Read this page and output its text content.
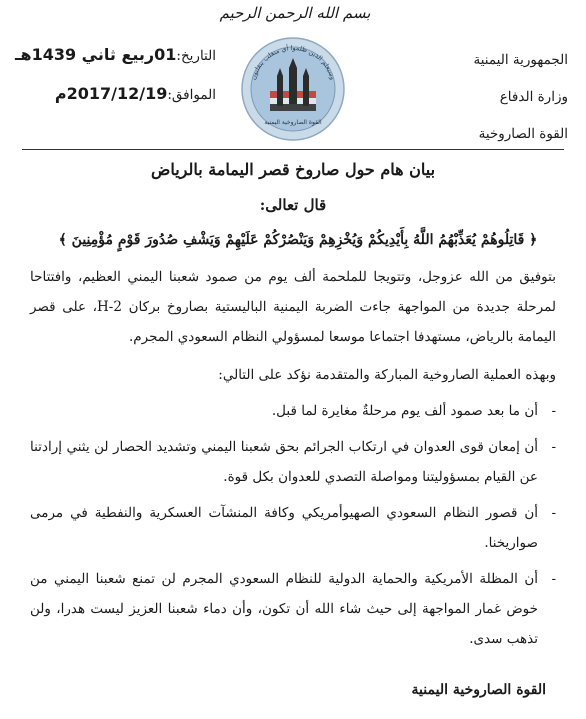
بسم الله الرحمن الرحيم
الجمهورية اليمنية
وزارة الدفاع
القوة الصاروخية
وسيعلم الذين ظلموا أي منقلب ينقلبون
القوة الصاروخية اليمنية
التاريخ:01ربيع ثاني 1439هـ
الموافق:2017/12/19م
بيان هام حول صاروخ قصر اليمامة بالرياض
قال تعالى:
﴿ قَاتِلُوهُمْ يُعَذِّبْهُمُ اللَّهُ بِأَيْدِيكُمْ وَيُخْزِهِمْ وَيَنْصُرْكُمْ عَلَيْهِمْ وَيَشْفِ صُدُورَ قَوْمٍ مُؤْمِنِينَ ﴾

بتوفيق من الله عزوجل، وتتويجا للملحمة ألف يوم من صمود شعبنا اليمني العظيم، وافتتاحا لمرحلة جديدة من المواجهة جاءت الضربة اليمنية الباليستية بصاروخ بركان 2-H، على قصر اليمامة بالرياض، مستهدفا اجتماعا موسعا لمسؤولي النظام السعودي المجرم.

وبهذه العملية الصاروخية المباركة والمتقدمة نؤكد على التالي:

-
أن ما بعد صمود ألف يوم مرحلةٌ مغايرة لما قبل.
-
أن إمعان قوى العدوان في ارتكاب الجرائم بحق شعبنا اليمني وتشديد الحصار لن يثني إرادتنا عن القيام بمسؤوليتنا ومواصلة التصدي للعدوان بكل قوة.
-
أن قصور النظام السعودي الصهيوأمريكي وكافة المنشآت العسكرية والنفطية في مرمى صواريخنا.
-
أن المظلة الأمريكية والحماية الدولية للنظام السعودي المجرم لن تمنع شعبنا اليمني من خوض غمار المواجهة إلى حيث شاء الله أن تكون، وأن دماء شعبنا العزيز ليست هدرا، ولن تذهب سدى.
القوة الصاروخية اليمنية
